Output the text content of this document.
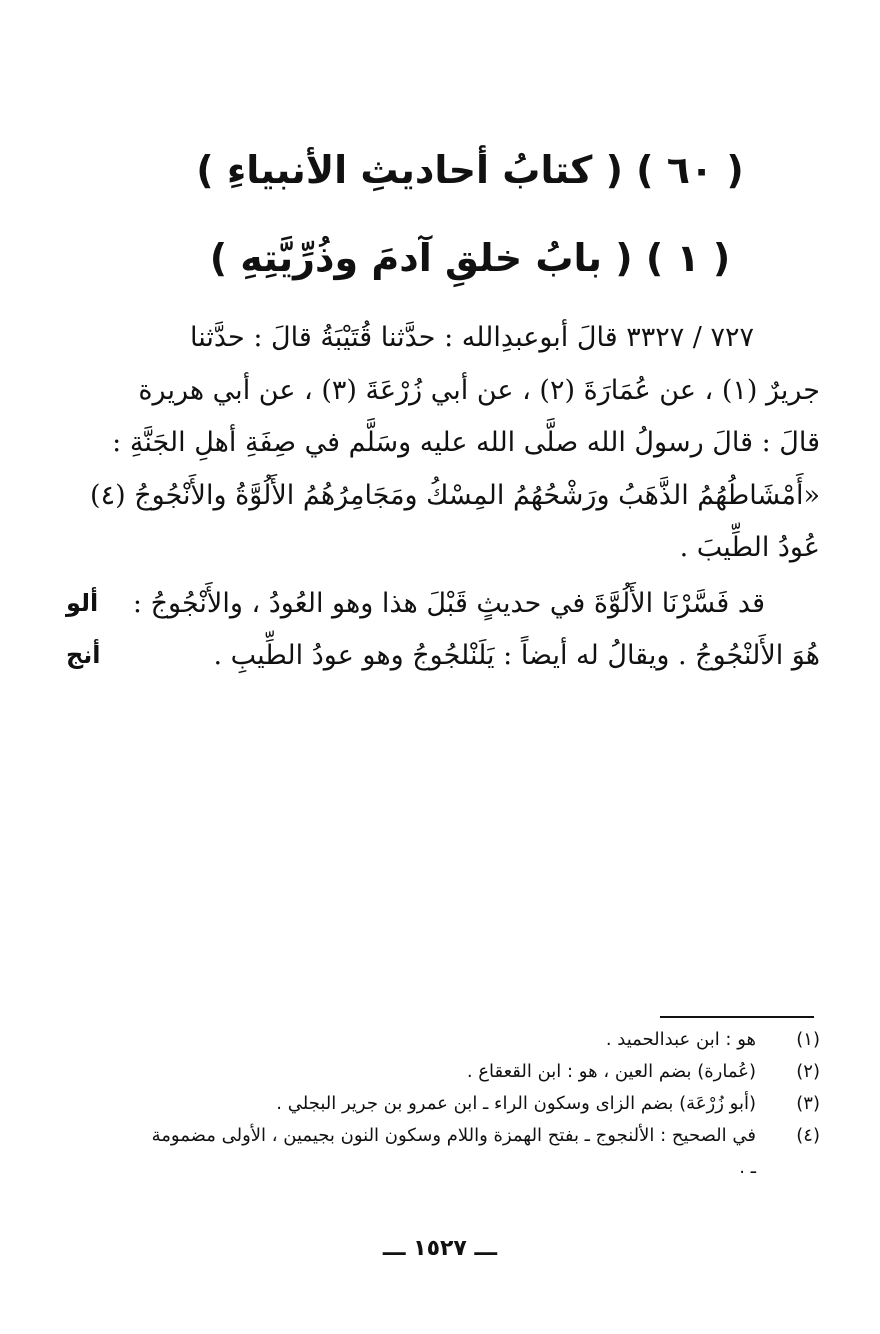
( ٦٠ ) ( كتابُ أحاديثِ الأنبياءِ )
( ١ ) ( بابُ خلقِ آدمَ وذُرِّيَّتِهِ )
٧٢٧ / ٣٣٢٧ قالَ أبوعبدِالله : حدَّثنا قُتَيْبَةُ قالَ : حدَّثنا
جريرٌ (١) ، عن عُمَارَةَ (٢) ، عن أبي زُرْعَةَ (٣) ، عن أبي هريرة
قالَ : قالَ رسولُ الله صلَّى الله عليه وسَلَّم في صِفَةِ أهلِ الجَنَّةِ :
«أَمْشَاطُهُمُ الذَّهَبُ ورَشْحُهُمُ المِسْكُ ومَجَامِرُهُمُ الأَلُوَّةُ والأَنْجُوجُ (٤)
عُودُ الطِّيبَ .
قد فَسَّرْنَا الأَلُوَّةَ في حديثٍ قَبْلَ هذا وهو العُودُ ، والأَنْجُوجُ :
هُوَ الأَلنْجُوجُ . ويقالُ له أيضاً : يَلَنْلجُوجُ وهو عودُ الطِّيبِ .
ألو
أنج
(١)
هو : ابن عبدالحميد .
(٢)
(عُمارة) بضم العين ، هو : ابن القعقاع .
(٣)
(أبو زُرْعَة) بضم الزاى وسكون الراء ـ ابن عمرو بن جرير البجلي .
(٤)
في الصحيح : الألنجوج ـ بفتح الهمزة واللام وسكون النون بجيمين ، الأولى مضمومة ـ .
ـــ ١٥٢٧ ـــ
